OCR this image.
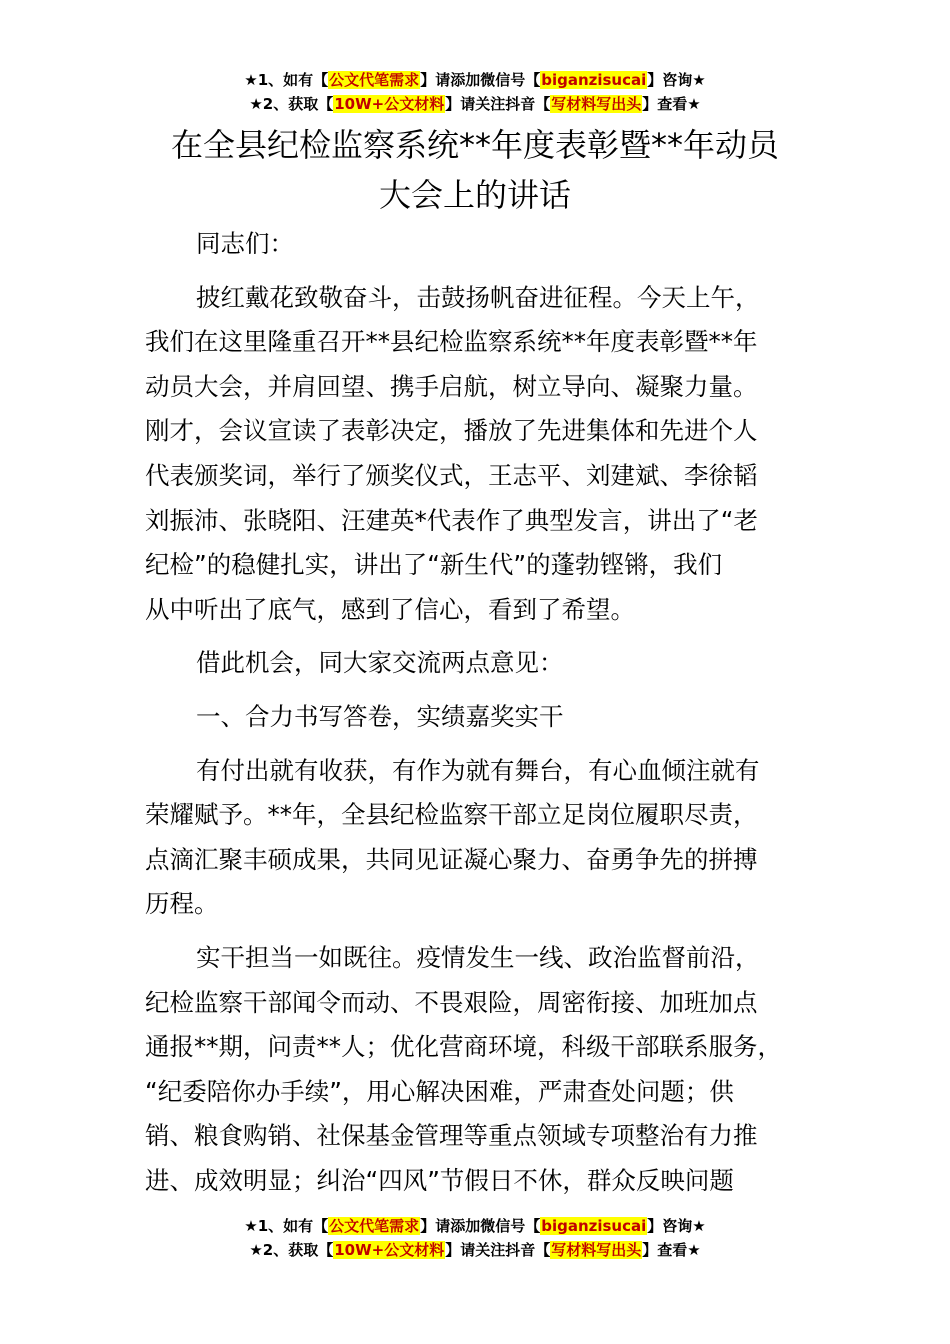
★1、如有【公文代笔需求】请添加微信号【biganzisucai】咨询★
★2、获取【10W+公文材料】请关注抖音【写材料写出头】查看★
在全县纪检监察系统**年度表彰暨**年动员
大会上的讲话

同志们：

披红戴花致敬奋斗，击鼓扬帆奋进征程。今天上午，
我们在这里隆重召开**县纪检监察系统**年度表彰暨**年
动员大会，并肩回望、携手启航，树立导向、凝聚力量。
刚才，会议宣读了表彰决定，播放了先进集体和先进个人
代表颁奖词，举行了颁奖仪式，王志平、刘建斌、李徐韬
刘振沛、张晓阳、汪建英*代表作了典型发言，讲出了“老
纪检”的稳健扎实，讲出了“新生代”的蓬勃铿锵，我们
从中听出了底气，感到了信心，看到了希望。

借此机会，同大家交流两点意见：

一、合力书写答卷，实绩嘉奖实干

有付出就有收获，有作为就有舞台，有心血倾注就有
荣耀赋予。**年，全县纪检监察干部立足岗位履职尽责，
点滴汇聚丰硕成果，共同见证凝心聚力、奋勇争先的拼搏
历程。

实干担当一如既往。疫情发生一线、政治监督前沿，
纪检监察干部闻令而动、不畏艰险，周密衔接、加班加点
通报**期，问责**人；优化营商环境，科级干部联系服务，
“纪委陪你办手续”，用心解决困难，严肃查处问题；供
销、粮食购销、社保基金管理等重点领域专项整治有力推
进、成效明显；纠治“四风”节假日不休，群众反映问题

★1、如有【公文代笔需求】请添加微信号【biganzisucai】咨询★
★2、获取【10W+公文材料】请关注抖音【写材料写出头】查看★
